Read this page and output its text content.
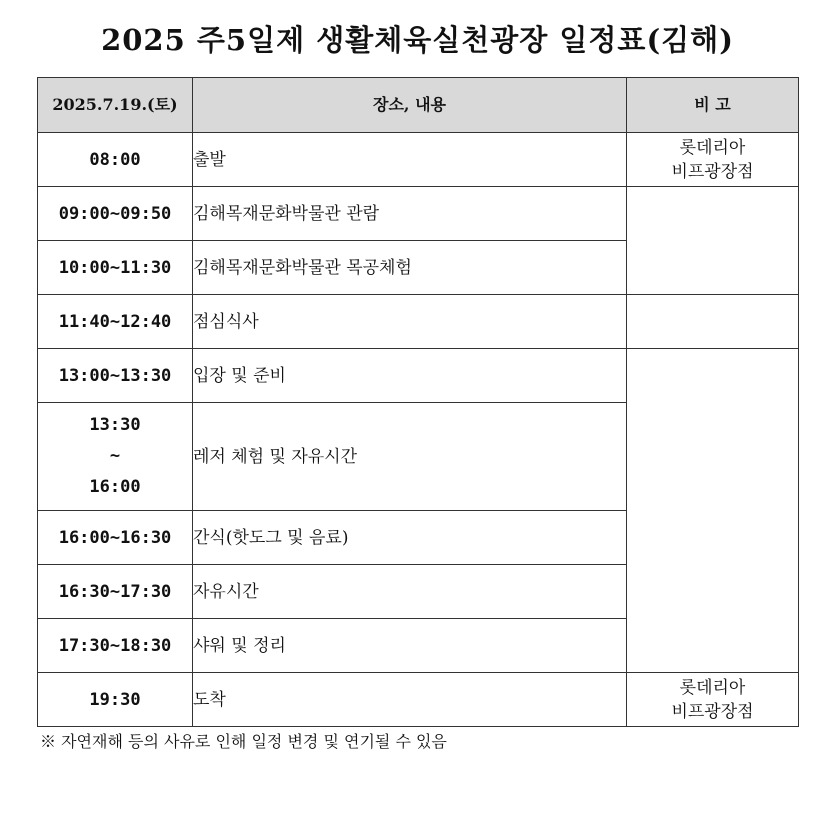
2025 주5일제 생활체육실천광장 일정표(김해)
2025.7.19.(토)	장소, 내용	비 고
08:00	출발	롯데리아
비프광장점

09:00~09:50	김해목재문화박물관 관람	
10:00~11:30	김해목재문화박물관 목공체험	
11:40~12:40	점심식사	
13:00~13:30	입장 및 준비	

13:30
~
16:00	레저 체험 및 자유시간	
16:00~16:30	간식(핫도그 및 음료)	
16:30~17:30	자유시간	
17:30~18:30	샤워 및 정리	
19:30	도착	롯데리아
비프광장점
※ 자연재해 등의 사유로 인해 일정 변경 및 연기될 수 있음
